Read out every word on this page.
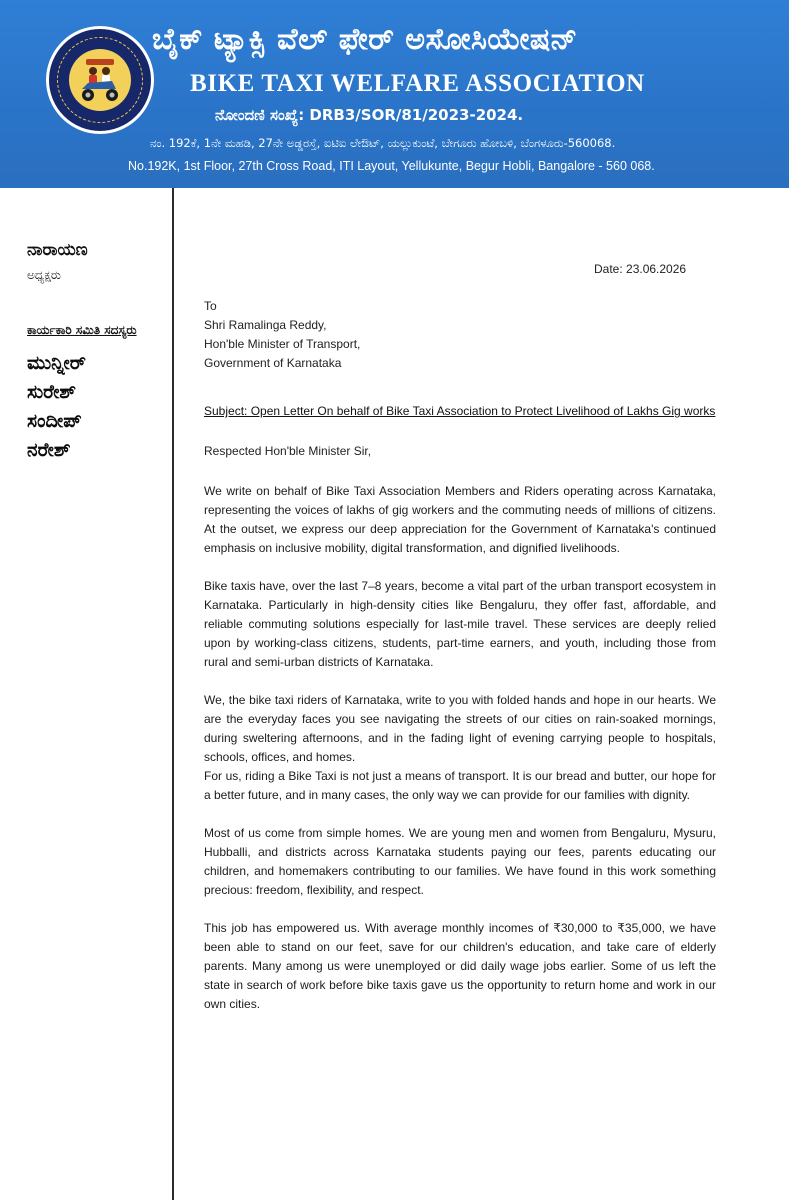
ಬೈಕ್ ಟ್ಯಾಕ್ಸಿ ವೆಲ್ ಫೇರ್ ಅಸೋಸಿಯೇಷನ್
BIKE TAXI WELFARE ASSOCIATION
ನೋಂದಣಿ ಸಂಖ್ಯೆ: DRB3/SOR/81/2023-2024.
ನಂ. 192ಕೆ, 1ನೇ ಮಹಡಿ, 27ನೇ ಅಡ್ಡರಸ್ತೆ, ಐಟಿಐ ಲೇಔಟ್, ಯಲ್ಲುಕುಂಟೆ, ಬೇಗೂರು ಹೋಬಳಿ, ಬೆಂಗಳೂರು-560068.
No.192K, 1st Floor, 27th Cross Road, ITI Layout, Yellukunte, Begur Hobli, Bangalore - 560 068.
ನಾರಾಯಣ
ಅಧ್ಯಕ್ಷರು
ಕಾರ್ಯಕಾರಿ ಸಮಿತಿ ಸದಸ್ಯರು
ಮುನ್ನೀರ್
ಸುರೇಶ್
ಸಂದೀಪ್
ನರೇಶ್
Date: 23.06.2026
To
Shri Ramalinga Reddy,
Hon'ble Minister of Transport,
Government of Karnataka
Subject: Open Letter On behalf of Bike Taxi Association to Protect Livelihood of Lakhs Gig works
Respected Hon'ble Minister Sir,

We write on behalf of Bike Taxi Association Members and Riders operating across Karnataka, representing the voices of lakhs of gig workers and the commuting needs of millions of citizens. At the outset, we express our deep appreciation for the Government of Karnataka's continued emphasis on inclusive mobility, digital transformation, and dignified livelihoods.

Bike taxis have, over the last 7–8 years, become a vital part of the urban transport ecosystem in Karnataka. Particularly in high-density cities like Bengaluru, they offer fast, affordable, and reliable commuting solutions especially for last-mile travel. These services are deeply relied upon by working-class citizens, students, part-time earners, and youth, including those from rural and semi-urban districts of Karnataka.

We, the bike taxi riders of Karnataka, write to you with folded hands and hope in our hearts. We are the everyday faces you see navigating the streets of our cities on rain-soaked mornings, during sweltering afternoons, and in the fading light of evening carrying people to hospitals, schools, offices, and homes.

For us, riding a Bike Taxi is not just a means of transport. It is our bread and butter, our hope for a better future, and in many cases, the only way we can provide for our families with dignity.

Most of us come from simple homes. We are young men and women from Bengaluru, Mysuru, Hubballi, and districts across Karnataka students paying our fees, parents educating our children, and homemakers contributing to our families. We have found in this work something precious: freedom, flexibility, and respect.

This job has empowered us. With average monthly incomes of ₹30,000 to ₹35,000, we have been able to stand on our feet, save for our children's education, and take care of elderly parents. Many among us were unemployed or did daily wage jobs earlier. Some of us left the state in search of work before bike taxis gave us the opportunity to return home and work in our own cities.
